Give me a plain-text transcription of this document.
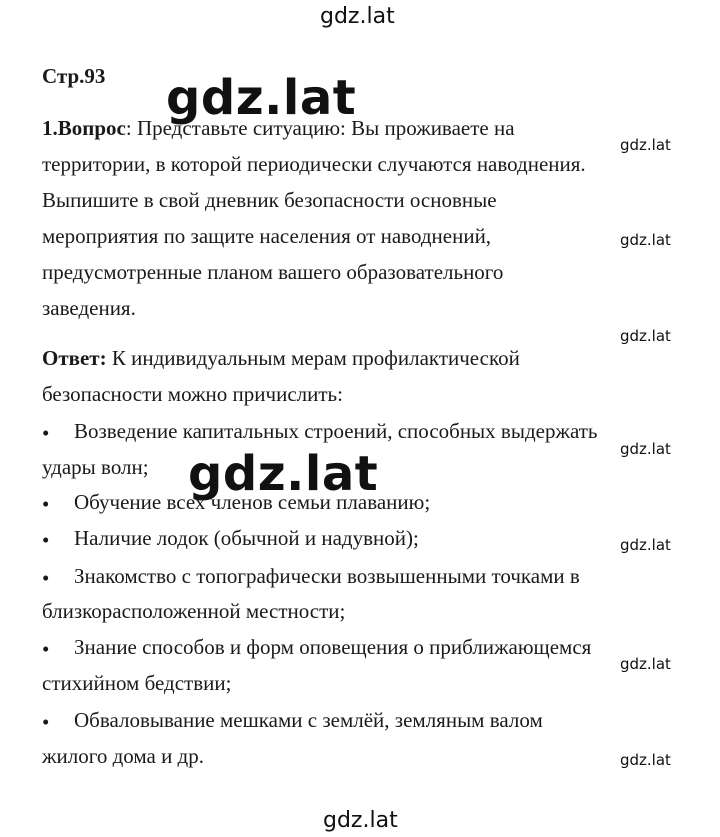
gdz.lat
gdz.lat
gdz.lat
gdz.lat
gdz.lat
gdz.lat
gdz.lat
gdz.lat
gdz.lat
gdz.lat
gdz.lat
Стр.93
1.Вопрос: Представьте ситуацию: Вы проживаете на
территории, в которой периодически случаются наводнения.
Выпишите в свой дневник безопасности основные
мероприятия по защите населения от наводнений,
предусмотренные планом вашего образовательного
заведения.
Ответ: К индивидуальным мерам профилактической
безопасности можно причислить:
• Возведение капитальных строений, способных выдержать
удары волн;
• Обучение всех членов семьи плаванию;
• Наличие лодок (обычной и надувной);
• Знакомство с топографически возвышенными точками в
близкорасположенной местности;
• Знание способов и форм оповещения о приближающемся
стихийном бедствии;
• Обваловывание мешками с землёй, земляным валом
жилого дома и др.
